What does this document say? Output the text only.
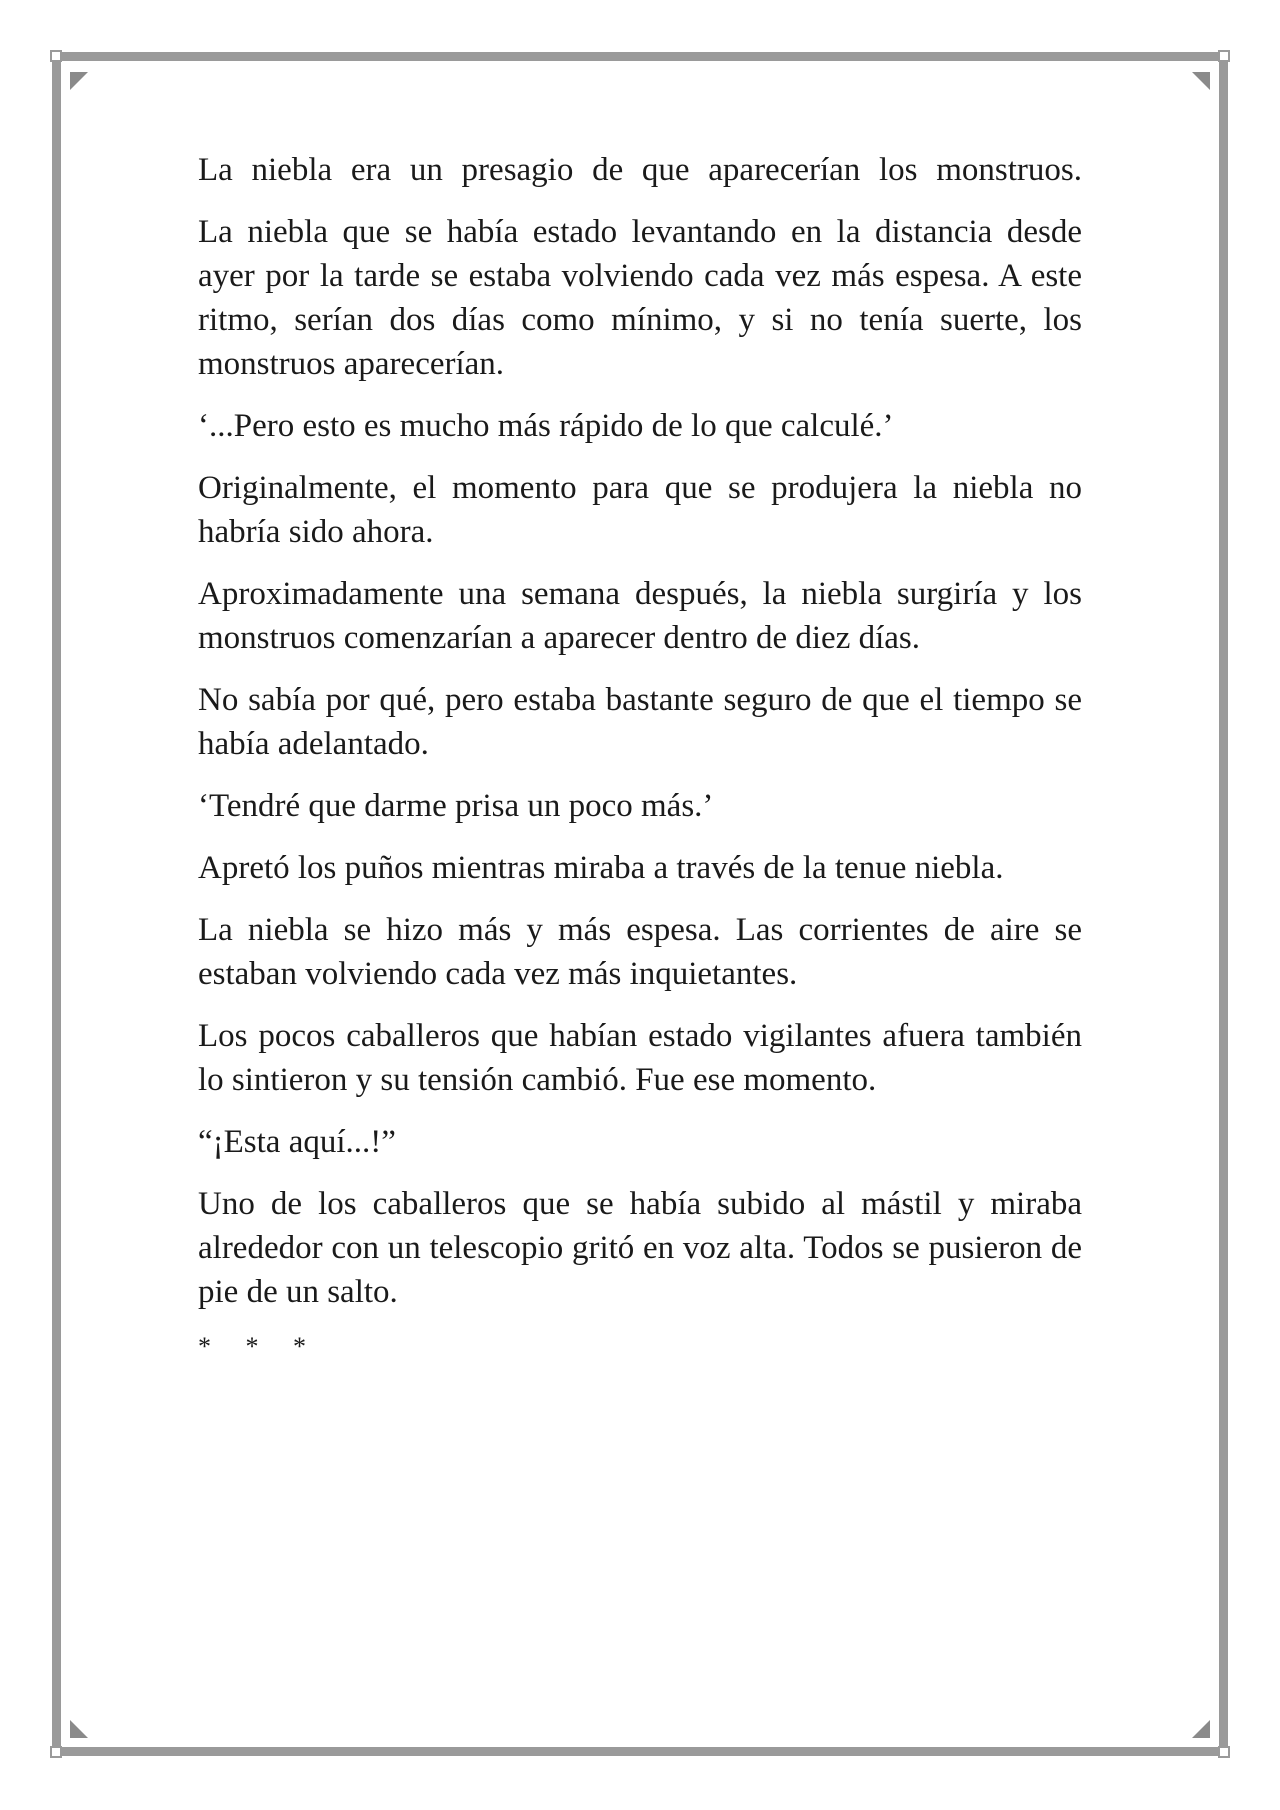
La niebla era un presagio de que aparecerían los monstruos.

La niebla que se había estado levantando en la distancia desde ayer por la tarde se estaba volviendo cada vez más espesa. A este ritmo, serían dos días como mínimo, y si no tenía suerte, los monstruos aparecerían.

‘...Pero esto es mucho más rápido de lo que calculé.’

Originalmente, el momento para que se produjera la niebla no habría sido ahora.

Aproximadamente una semana después, la niebla surgiría y los monstruos comenzarían a aparecer dentro de diez días.

No sabía por qué, pero estaba bastante seguro de que el tiempo se había adelantado.

‘Tendré que darme prisa un poco más.’

Apretó los puños mientras miraba a través de la tenue niebla.

La niebla se hizo más y más espesa. Las corrientes de aire se estaban volviendo cada vez más inquietantes.

Los pocos caballeros que habían estado vigilantes afuera también lo sintieron y su tensión cambió. Fue ese momento.

“¡Esta aquí...!”

Uno de los caballeros que se había subido al mástil y miraba alrededor con un telescopio gritó en voz alta. Todos se pusieron de pie de un salto.

* * *
